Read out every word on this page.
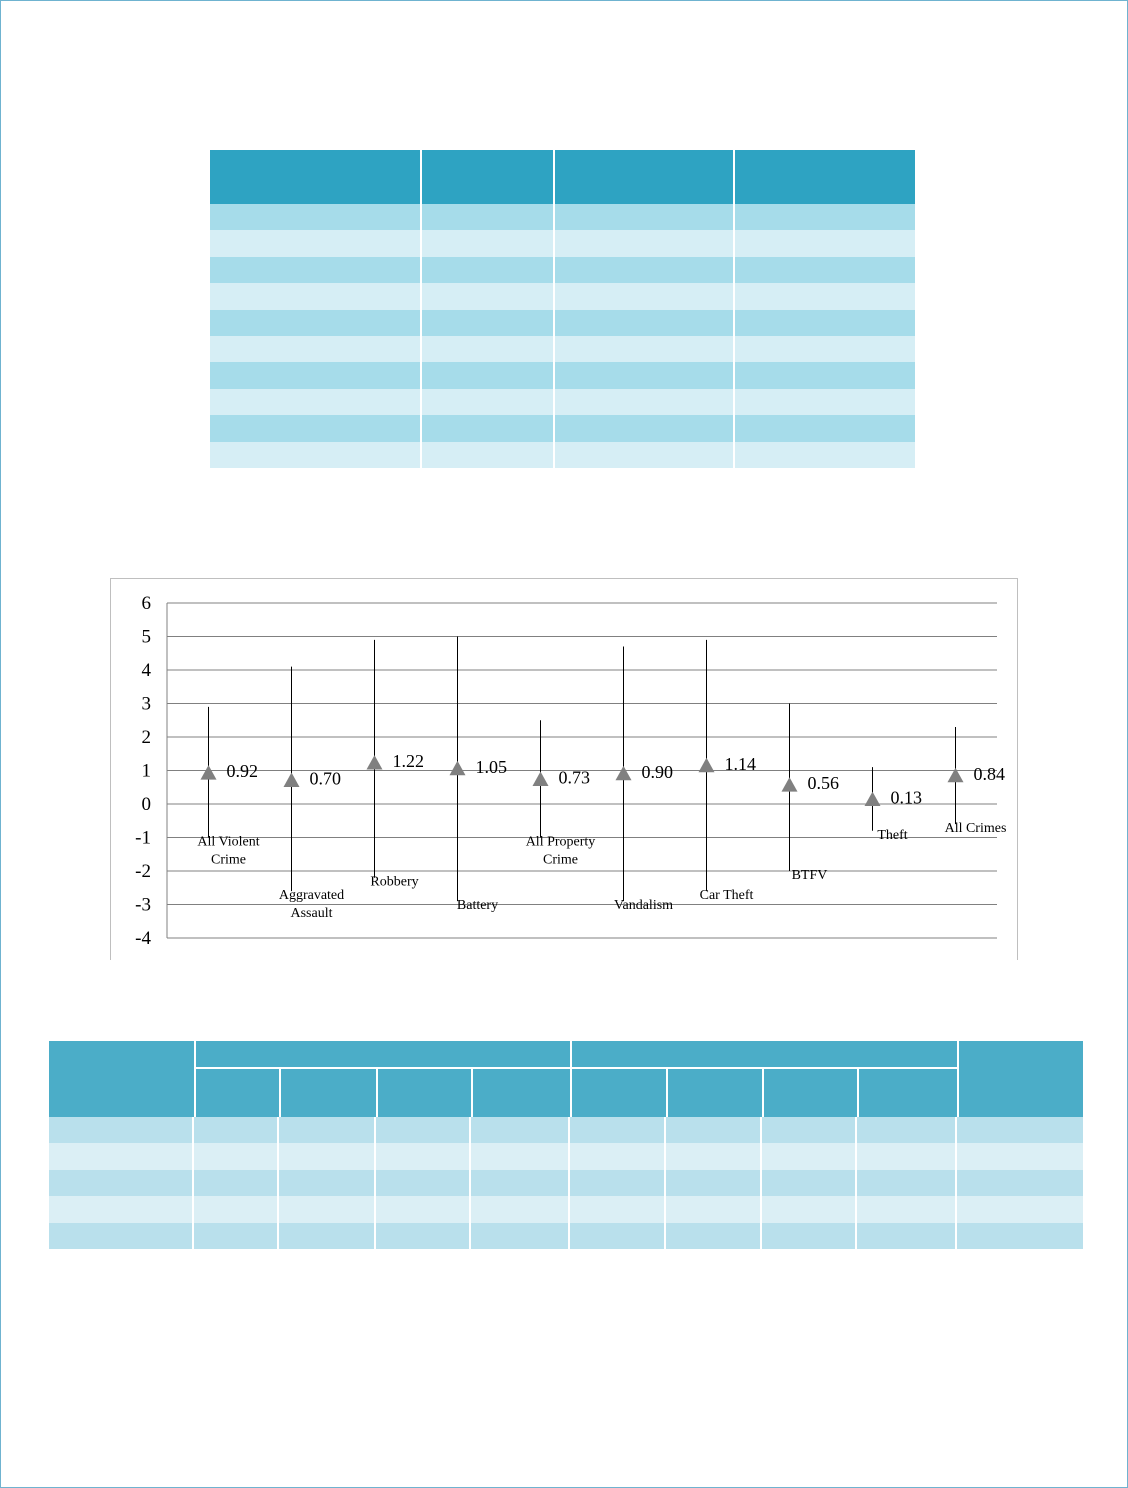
6
5
4
3
2
1
0
-1
-2
-3
-4
0.92
All Violent
Crime
0.70
Aggravated
Assault
1.22
Robbery
1.05
Battery
0.73
All Property
Crime
0.90
Vandalism
1.14
Car Theft
0.56
BTFV
0.13
Theft
0.84
All Crimes
